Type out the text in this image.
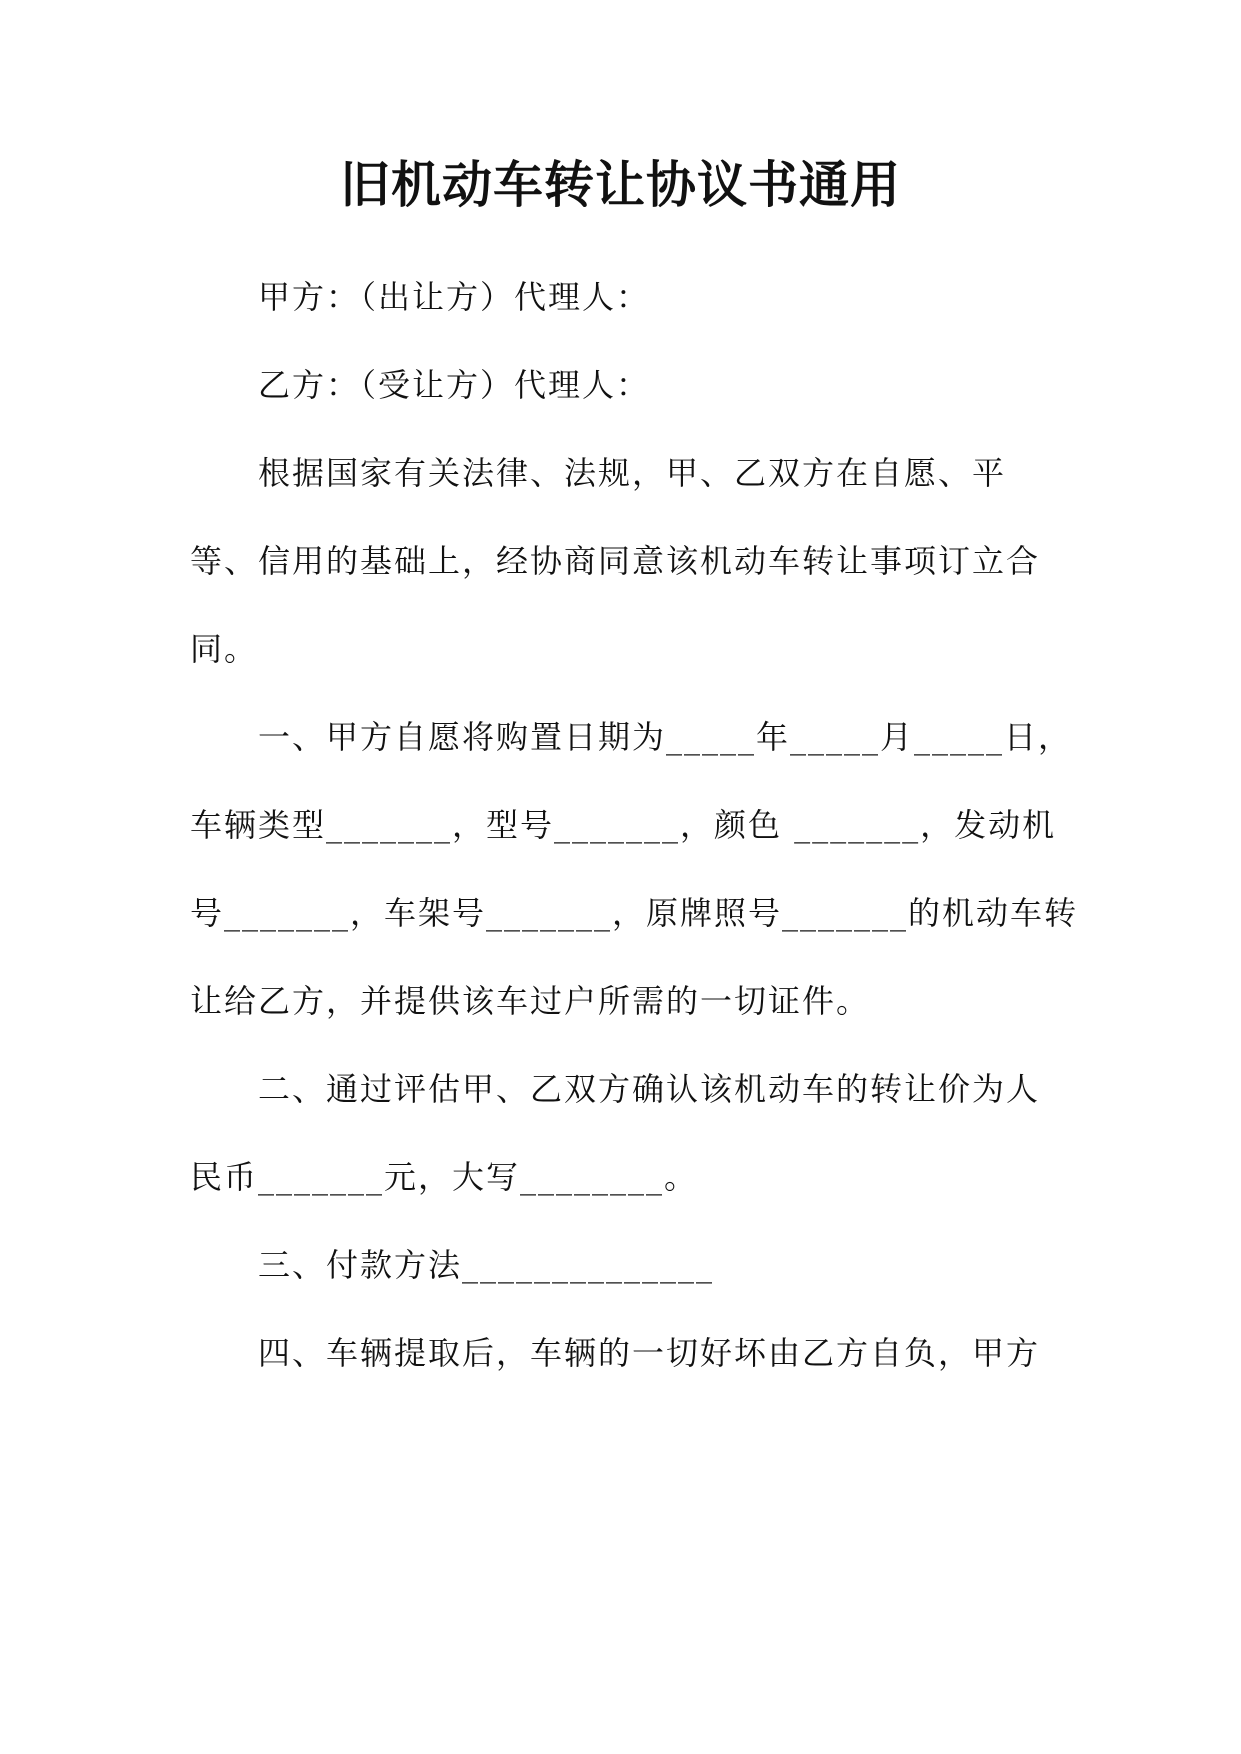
旧机动车转让协议书通用
甲方：（出让方）代理人：
乙方：（受让方）代理人：
根据国家有关法律、法规，甲、乙双方在自愿、平
等、信用的基础上，经协商同意该机动车转让事项订立合
同。
一、甲方自愿将购置日期为_____年_____月_____日，
车辆类型_______，型号_______，颜色 _______，发动机
号_______，车架号_______，原牌照号_______的机动车转
让给乙方，并提供该车过户所需的一切证件。
二、通过评估甲、乙双方确认该机动车的转让价为人
民币_______元，大写________。
三、付款方法______________
四、车辆提取后，车辆的一切好坏由乙方自负，甲方
